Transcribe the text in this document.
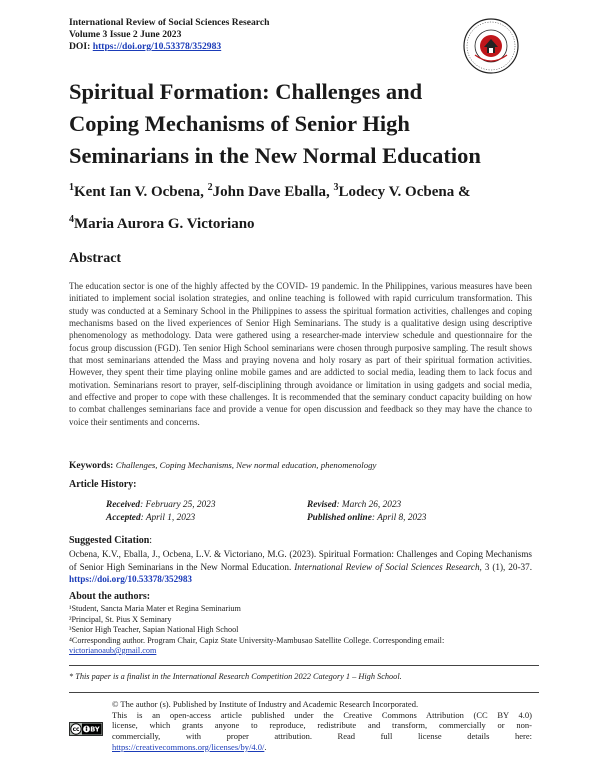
International Review of Social Sciences Research
Volume 3 Issue 2 June 2023
DOI: https://doi.org/10.53378/352983
Spiritual Formation: Challenges and
Coping Mechanisms of Senior High
Seminarians in the New Normal Education
$^1$Kent Ian V. Ocbena, $^2$John Dave Eballa, $^3$Lodecy V. Ocbena &
$^4$Maria Aurora G. Victoriano
Abstract
The education sector is one of the highly affected by the COVID- 19 pandemic. In the Philippines, various measures have been initiated to implement social isolation strategies, and online teaching is followed with rapid curriculum transformation. This study was conducted at a Seminary School in the Philippines to assess the spiritual formation activities, challenges and coping mechanisms based on the lived experiences of Senior High Seminarians. The study is a qualitative design using descriptive phenomenology as methodology. Data were gathered using a researcher-made interview schedule and questionnaire for the focus group discussion (FGD). Ten senior High School seminarians were chosen through purposive sampling. The result shows that most seminarians attended the Mass and praying novena and holy rosary as part of their spiritual formation activities. However, they spent their time playing online mobile games and are addicted to social media, leading them to lack focus and motivation. Seminarians resort to prayer, self-disciplining through avoidance or limitation in using gadgets and social media, and effective and proper to cope with these challenges. It is recommended that the seminary conduct capacity building on how to combat challenges seminarians face and provide a venue for open discussion and feedback so they may have the chance to voice their sentiments and concerns.
Keywords: Challenges, Coping Mechanisms, New normal education, phenomenology
Article History:
Received: February 25, 2023
Accepted: April 1, 2023
Revised: March 26, 2023
Published online: April 8, 2023
Suggested Citation:
Ocbena, K.V., Eballa, J., Ocbena, L.V. & Victoriano, M.G. (2023). Spiritual Formation: Challenges and Coping Mechanisms of Senior High Seminarians in the New Normal Education. International Review of Social Sciences Research, 3 (1), 20-37. https://doi.org/10.53378/352983
About the authors:
¹Student, Sancta Maria Mater et Regina Seminarium
²Principal, St. Pius X Seminary
³Senior High Teacher, Sapian National High School
⁴Corresponding author. Program Chair, Capiz State University-Mambusao Satellite College. Corresponding email:
victorianoaub@gmail.com
* This paper is a finalist in the International Research Competition 2022 Category 1 – High School.
cc BY
© The author (s). Published by Institute of Industry and Academic Research Incorporated.
This is an open-access article published under the Creative Commons Attribution (CC BY 4.0)
license, which grants anyone to reproduce, redistribute and transform, commercially or non-
commercially, with proper attribution. Read full license details here:
https://creativecommons.org/licenses/by/4.0/.
